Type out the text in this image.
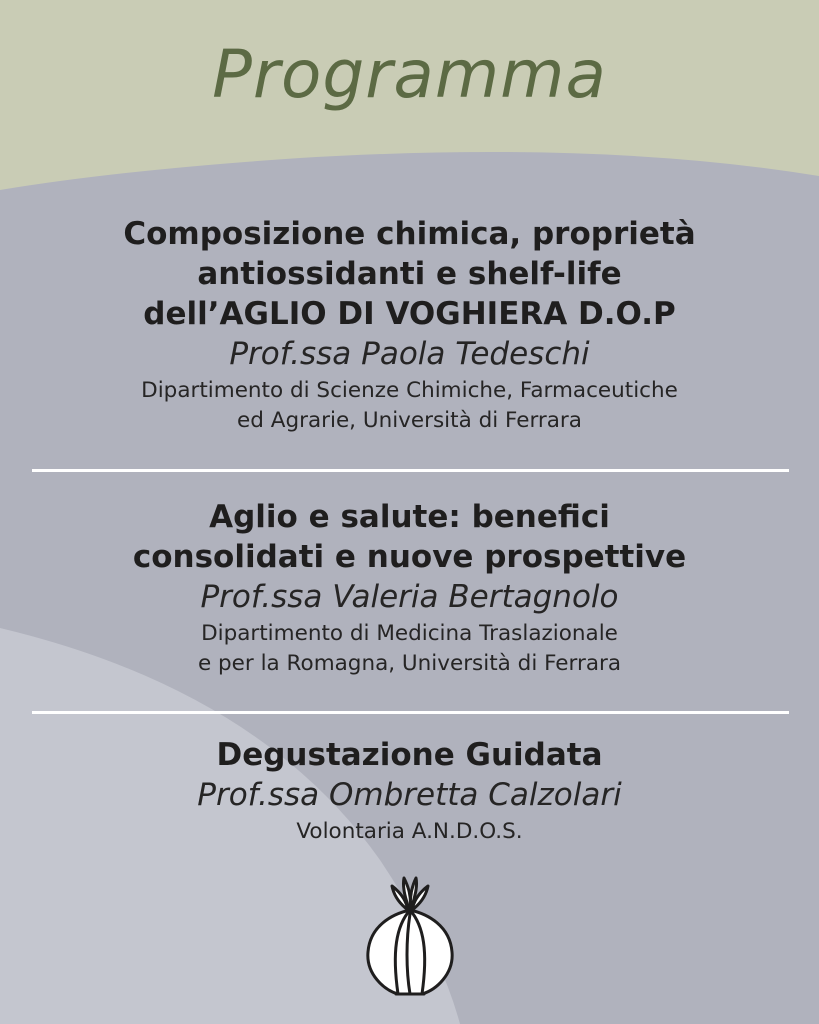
Programma

Composizione chimica, proprietà
antiossidanti e shelf-life
dell’AGLIO DI VOGHIERA D.O.P

Prof.ssa Paola Tedeschi

Dipartimento di Scienze Chimiche, Farmaceutiche
ed Agrarie, Università di Ferrara

Aglio e salute: benefici
consolidati e nuove prospettive

Prof.ssa Valeria Bertagnolo

Dipartimento di Medicina Traslazionale
e per la Romagna, Università di Ferrara

Degustazione Guidata

Prof.ssa Ombretta Calzolari

Volontaria A.N.D.O.S.
